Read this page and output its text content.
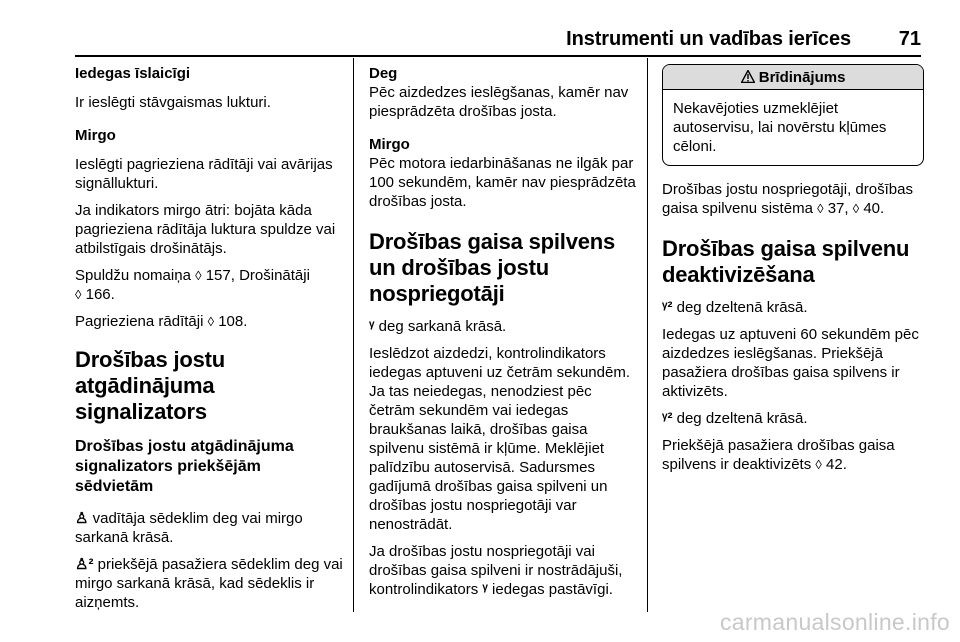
Instrumenti un vadības ierīces 71
Iedegas īslaicīgi

Ir ieslēgti stāvgaismas lukturi.

Mirgo

Ieslēgti pagrieziena rādītāji vai avārijas signāllukturi.

Ja indikators mirgo ātri: bojāta kāda pagrieziena rādītāja luktura spuldze vai atbilstīgais drošinātājs.

Spuldžu nomaiņa ◊ 157, Drošinātāji
◊ 166.

Pagrieziena rādītāji ◊ 108.

Drošības jostu atgādinājuma signalizators
Drošības jostu atgādinājuma signalizators priekšējām sēdvietām

♙ vadītāja sēdeklim deg vai mirgo sarkanā krāsā.

♙² priekšējā pasažiera sēdeklim deg vai mirgo sarkanā krāsā, kad sēdeklis ir aizņemts.

Deg

Pēc aizdedzes ieslēgšanas, kamēr nav piesprādzēta drošības josta.

Mirgo

Pēc motora iedarbināšanas ne ilgāk par 100 sekundēm, kamēr nav piesprādzēta drošības josta.

Drošības gaisa spilvens un drošības jostu nospriegotāji

ᵞ deg sarkanā krāsā.

Ieslēdzot aizdedzi, kontrolindikators iedegas aptuveni uz četrām sekundēm. Ja tas neiedegas, nenodziest pēc četrām sekundēm vai iedegas braukšanas laikā, drošības gaisa spilvenu sistēmā ir kļūme. Meklējiet palīdzību autoservisā. Sadursmes gadījumā drošības gaisa spilveni un drošības jostu nospriegotāji var nenostrādāt.

Ja drošības jostu nospriegotāji vai drošības gaisa spilveni ir nostrādājuši, kontrolindikators ᵞ iedegas pastāvīgi.

Brīdinājums
Nekavējoties uzmeklējiet autoservisu, lai novērstu kļūmes cēloni.

Drošības jostu nospriegotāji, drošības gaisa spilvenu sistēma ◊ 37, ◊ 40.

Drošības gaisa spilvenu deaktivizēšana

ᵞ² deg dzeltenā krāsā.

Iedegas uz aptuveni 60 sekundēm pēc aizdedzes ieslēgšanas. Priekšējā pasažiera drošības gaisa spilvens ir aktivizēts.

ᵞ² deg dzeltenā krāsā.

Priekšējā pasažiera drošības gaisa spilvens ir deaktivizēts ◊ 42.

carmanualsonline.info
